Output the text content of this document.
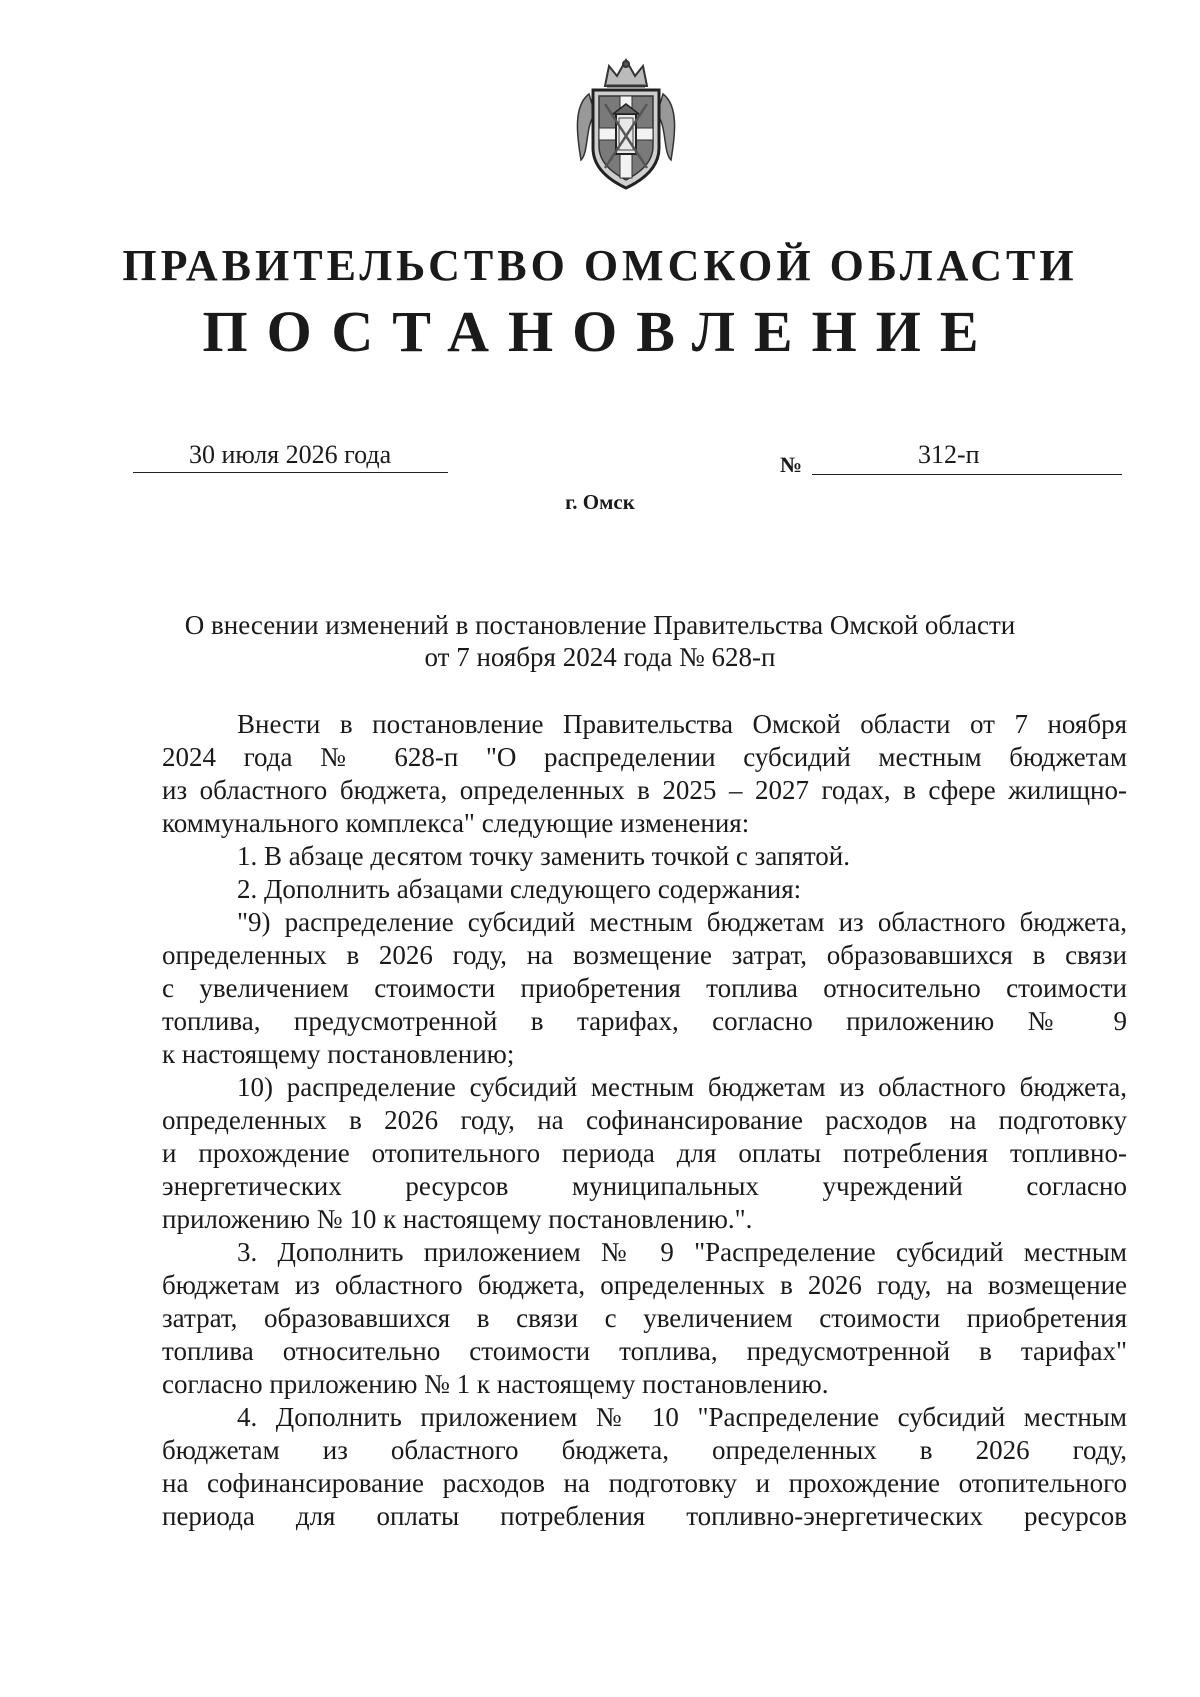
ПРАВИТЕЛЬСТВО ОМСКОЙ ОБЛАСТИ
ПОСТАНОВЛЕНИЕ
30 июля 2026 года	№	312-п
г. Омск
О внесении изменений в постановление Правительства Омской области
от 7 ноября 2024 года № 628-п
Внести в постановление Правительства Омской области от 7 ноября
2024 года № 628-п "О распределении субсидий местным бюджетам
из областного бюджета, определенных в 2025 – 2027 годах, в сфере жилищно-
коммунального комплекса" следующие изменения:
1. В абзаце десятом точку заменить точкой с запятой.
2. Дополнить абзацами следующего содержания:
"9) распределение субсидий местным бюджетам из областного бюджета,
определенных в 2026 году, на возмещение затрат, образовавшихся в связи
с увеличением стоимости приобретения топлива относительно стоимости
топлива, предусмотренной в тарифах, согласно приложению № 9
к настоящему постановлению;
10) распределение субсидий местным бюджетам из областного бюджета,
определенных в 2026 году, на софинансирование расходов на подготовку
и прохождение отопительного периода для оплаты потребления топливно-
энергетических ресурсов муниципальных учреждений согласно
приложению № 10 к настоящему постановлению.".
3. Дополнить приложением № 9 "Распределение субсидий местным
бюджетам из областного бюджета, определенных в 2026 году, на возмещение
затрат, образовавшихся в связи с увеличением стоимости приобретения
топлива относительно стоимости топлива, предусмотренной в тарифах"
согласно приложению № 1 к настоящему постановлению.
4. Дополнить приложением № 10 "Распределение субсидий местным
бюджетам из областного бюджета, определенных в 2026 году,
на софинансирование расходов на подготовку и прохождение отопительного
периода для оплаты потребления топливно-энергетических ресурсов
